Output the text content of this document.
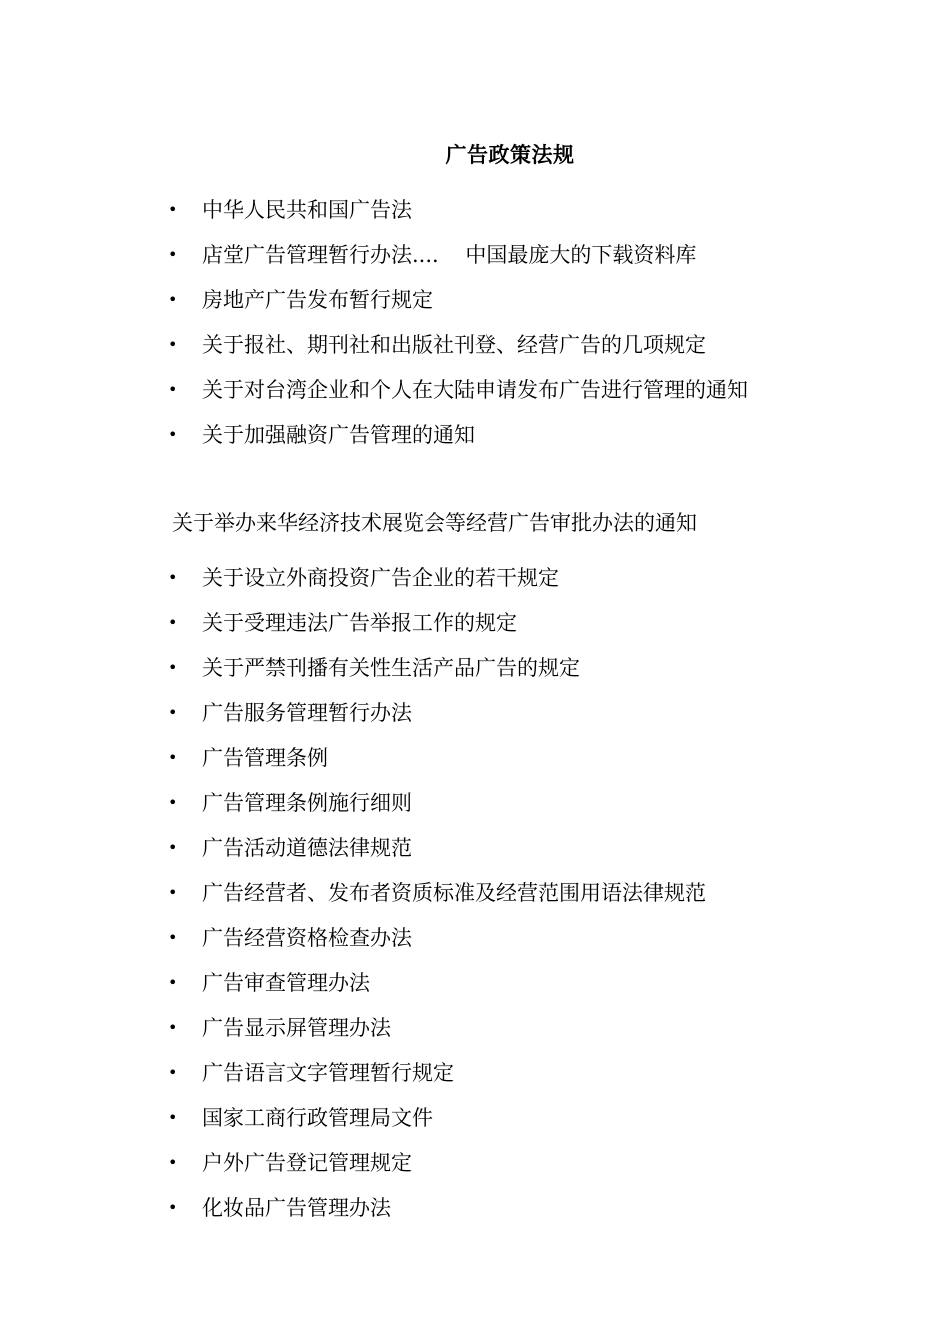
广告政策法规
•	中华人民共和国广告法
•	店堂广告管理暂行办法....    中国最庞大的下载资料库
•	房地产广告发布暂行规定
•	关于报社、期刊社和出版社刊登、经营广告的几项规定
•	关于对台湾企业和个人在大陆申请发布广告进行管理的通知
•	关于加强融资广告管理的通知
关于举办来华经济技术展览会等经营广告审批办法的通知
•	关于设立外商投资广告企业的若干规定
•	关于受理违法广告举报工作的规定
•	关于严禁刊播有关性生活产品广告的规定
•	广告服务管理暂行办法
•	广告管理条例
•	广告管理条例施行细则
•	广告活动道德法律规范
•	广告经营者、发布者资质标准及经营范围用语法律规范
•	广告经营资格检查办法
•	广告审查管理办法
•	广告显示屏管理办法
•	广告语言文字管理暂行规定
•	国家工商行政管理局文件
•	户外广告登记管理规定
•	化妆品广告管理办法
